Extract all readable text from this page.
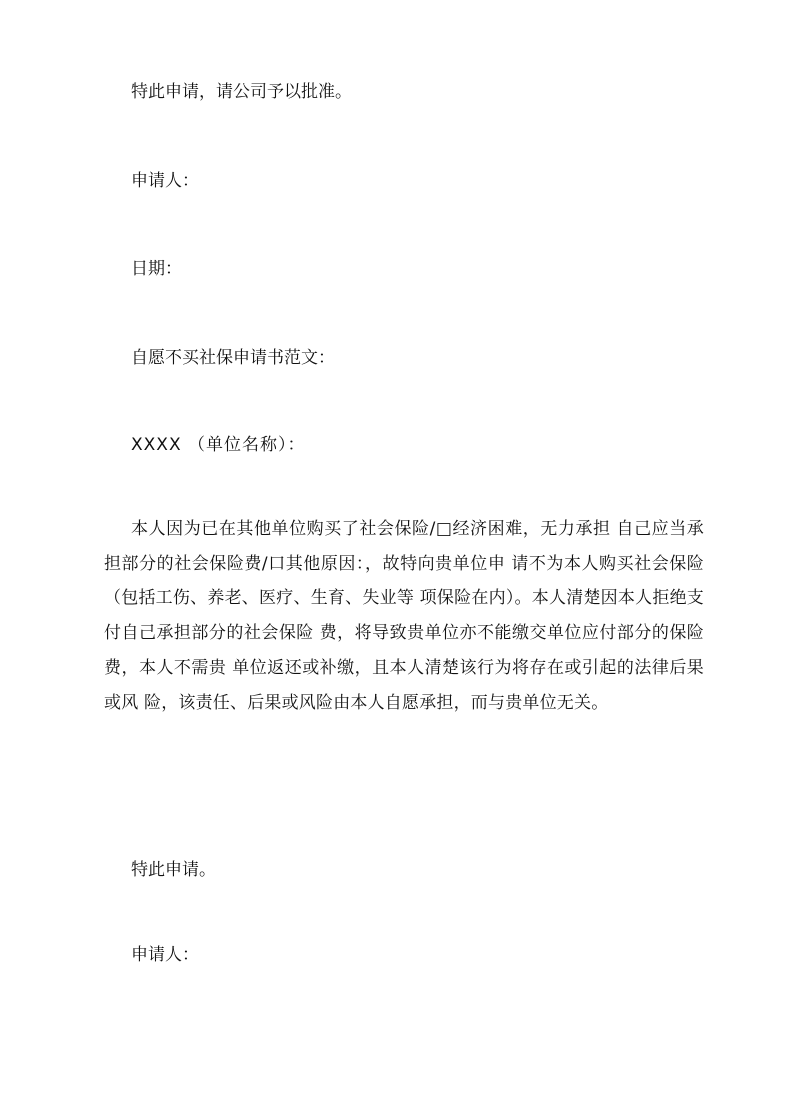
特此申请，请公司予以批准。

申请人：

日期：

自愿不买社保申请书范文：

XXXX （单位名称）：

本人因为已在其他单位购买了社会保险/□经济困难，无力承担 自己应当承担部分的社会保险费/口其他原因：，故特向贵单位申 请不为本人购买社会保险（包括工伤、养老、医疗、生育、失业等 项保险在内）。本人清楚因本人拒绝支付自己承担部分的社会保险 费，将导致贵单位亦不能缴交单位应付部分的保险费，本人不需贵 单位返还或补缴，且本人清楚该行为将存在或引起的法律后果或风 险，该责任、后果或风险由本人自愿承担，而与贵单位无关。

特此申请。

申请人：
